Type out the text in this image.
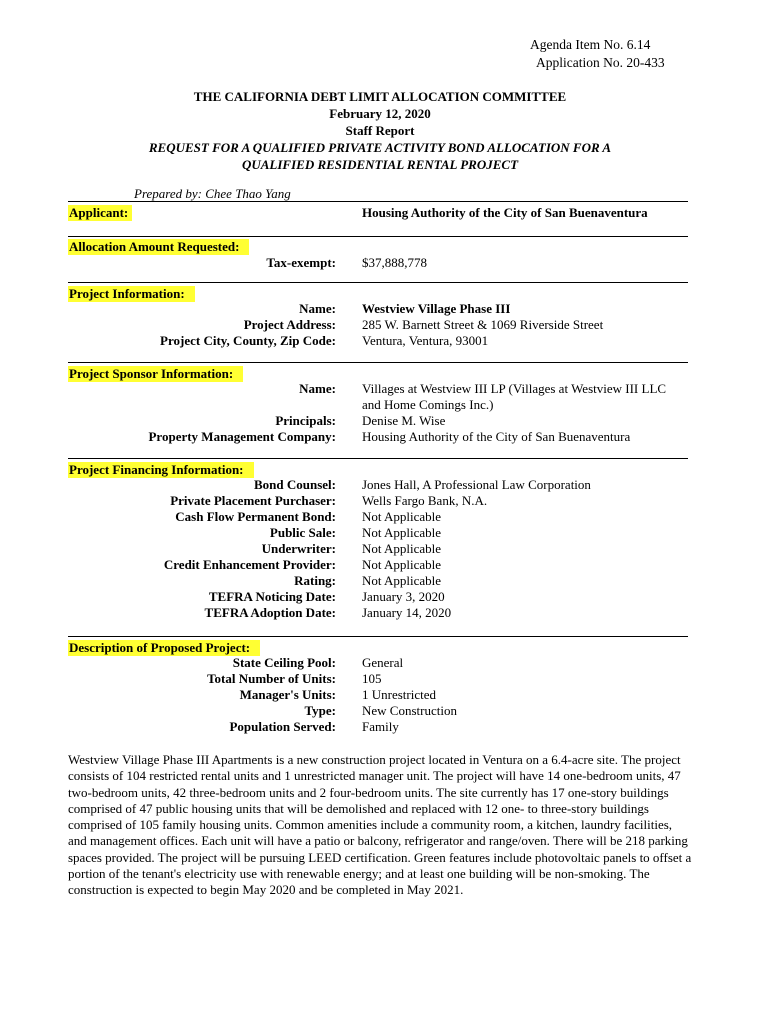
Agenda Item No. 6.14
Application No. 20-433
THE CALIFORNIA DEBT LIMIT ALLOCATION COMMITTEE
February 12, 2020
Staff Report
REQUEST FOR A QUALIFIED PRIVATE ACTIVITY BOND ALLOCATION FOR A
QUALIFIED RESIDENTIAL RENTAL PROJECT
Prepared by: Chee Thao Yang
Applicant:	Housing Authority of the City of San Buenaventura
Allocation Amount Requested:
Tax-exempt: $37,888,778
Project Information:
Name: Westview Village Phase III
Project Address: 285 W. Barnett Street & 1069 Riverside Street
Project City, County, Zip Code: Ventura, Ventura, 93001
Project Sponsor Information:
Name: Villages at Westview III LP (Villages at Westview III LLC and Home Comings Inc.)
Principals: Denise M. Wise
Property Management Company: Housing Authority of the City of San Buenaventura
Project Financing Information:
Bond Counsel: Jones Hall, A Professional Law Corporation
Private Placement Purchaser: Wells Fargo Bank, N.A.
Cash Flow Permanent Bond: Not Applicable
Public Sale: Not Applicable
Underwriter: Not Applicable
Credit Enhancement Provider: Not Applicable
Rating: Not Applicable
TEFRA Noticing Date: January 3, 2020
TEFRA Adoption Date: January 14, 2020
Description of Proposed Project:
State Ceiling Pool: General
Total Number of Units: 105
Manager's Units: 1 Unrestricted
Type: New Construction
Population Served: Family
Westview Village Phase III Apartments is a new construction project located in Ventura on a 6.4-acre site. The project consists of 104 restricted rental units and 1 unrestricted manager unit. The project will have 14 one-bedroom units, 47 two-bedroom units, 42 three-bedroom units and 2 four-bedroom units. The site currently has 17 one-story buildings comprised of 47 public housing units that will be demolished and replaced with 12 one- to three-story buildings comprised of 105 family housing units. Common amenities include a community room, a kitchen, laundry facilities, and management offices. Each unit will have a patio or balcony, refrigerator and range/oven. There will be 218 parking spaces provided. The project will be pursuing LEED certification. Green features include photovoltaic panels to offset a portion of the tenant's electricity use with renewable energy; and at least one building will be non-smoking. The construction is expected to begin May 2020 and be completed in May 2021.
